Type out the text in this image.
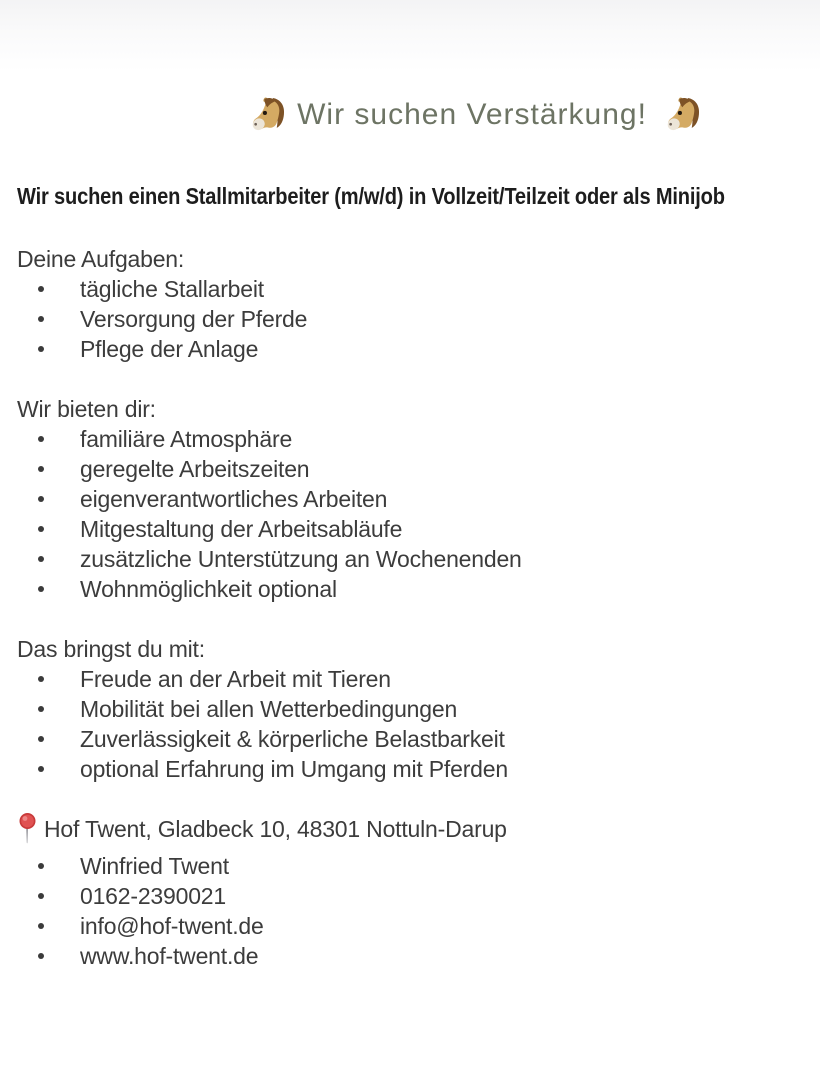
Wir suchen Verstärkung!
Wir suchen einen Stallmitarbeiter (m/w/d) in Vollzeit/Teilzeit oder als Minijob
Deine Aufgaben:
tägliche Stallarbeit
Versorgung der Pferde
Pflege der Anlage
Wir bieten dir:
familiäre Atmosphäre
geregelte Arbeitszeiten
eigenverantwortliches Arbeiten
Mitgestaltung der Arbeitsabläufe
zusätzliche Unterstützung an Wochenenden
Wohnmöglichkeit optional
Das bringst du mit:
Freude an der Arbeit mit Tieren
Mobilität bei allen Wetterbedingungen
Zuverlässigkeit & körperliche Belastbarkeit
optional Erfahrung im Umgang mit Pferden
Hof Twent, Gladbeck 10, 48301 Nottuln-Darup
Winfried Twent
0162-2390021
info@hof-twent.de
www.hof-twent.de
